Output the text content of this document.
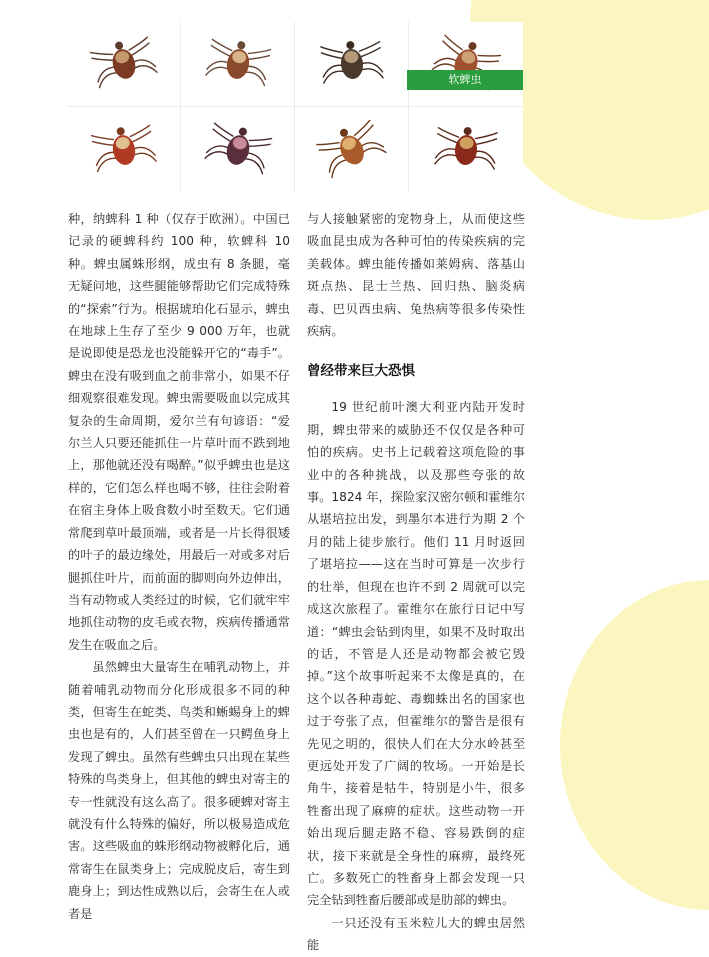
软蜱虫

种，纳蜱科 1 种（仅存于欧洲）。中国已记录的硬蜱科约 100 种，软蜱科 10 种。蜱虫属蛛形纲，成虫有 8 条腿，毫无疑问地，这些腿能够帮助它们完成特殊的“探索”行为。根据琥珀化石显示，蜱虫在地球上生存了至少 9 000 万年，也就是说即使是恐龙也没能躲开它的“毒手”。蜱虫在没有吸到血之前非常小，如果不仔细观察很难发现。蜱虫需要吸血以完成其复杂的生命周期，爱尔兰有句谚语：“爱尔兰人只要还能抓住一片草叶而不跌到地上，那他就还没有喝醉。”似乎蜱虫也是这样的，它们怎么样也喝不够，往往会附着在宿主身体上吸食数小时至数天。它们通常爬到草叶最顶端，或者是一片长得很矮的叶子的最边缘处，用最后一对或多对后腿抓住叶片，而前面的脚则向外边伸出，当有动物或人类经过的时候，它们就牢牢地抓住动物的皮毛或衣物，疾病传播通常发生在吸血之后。

虽然蜱虫大量寄生在哺乳动物上，并随着哺乳动物而分化形成很多不同的种类，但寄生在蛇类、鸟类和蜥蜴身上的蜱虫也是有的，人们甚至曾在一只鳄鱼身上发现了蜱虫。虽然有些蜱虫只出现在某些特殊的鸟类身上，但其他的蜱虫对寄主的专一性就没有这么高了。很多硬蜱对寄主就没有什么特殊的偏好，所以极易造成危害。这些吸血的蛛形纲动物被孵化后，通常寄生在鼠类身上；完成脱皮后，寄生到鹿身上；到达性成熟以后，会寄生在人或者是

与人接触紧密的宠物身上，从而使这些吸血昆虫成为各种可怕的传染疾病的完美载体。蜱虫能传播如莱姆病、落基山斑点热、昆士兰热、回归热、脑炎病毒、巴贝西虫病、兔热病等很多传染性疾病。

曾经带来巨大恐惧

19 世纪前叶澳大利亚内陆开发时期，蜱虫带来的威胁还不仅仅是各种可怕的疾病。史书上记载着这项危险的事业中的各种挑战，以及那些夸张的故事。1824 年，探险家汉密尔顿和霍维尔从堪培拉出发，到墨尔本进行为期 2 个月的陆上徒步旅行。他们 11 月时返回了堪培拉——这在当时可算是一次步行的壮举，但现在也许不到 2 周就可以完成这次旅程了。霍维尔在旅行日记中写道：“蜱虫会钻到肉里，如果不及时取出的话，不管是人还是动物都会被它毁掉。”这个故事听起来不太像是真的，在这个以各种毒蛇、毒蜘蛛出名的国家也过于夸张了点，但霍维尔的警告是很有先见之明的，很快人们在大分水岭甚至更远处开发了广阔的牧场。一开始是长角牛，接着是牯牛，特别是小牛，很多牲畜出现了麻痹的症状。这些动物一开始出现后腿走路不稳、容易跌倒的症状，接下来就是全身性的麻痹，最终死亡。多数死亡的牲畜身上都会发现一只完全钻到牲畜后腰部或是肋部的蜱虫。

一只还没有玉米粒儿大的蜱虫居然能
